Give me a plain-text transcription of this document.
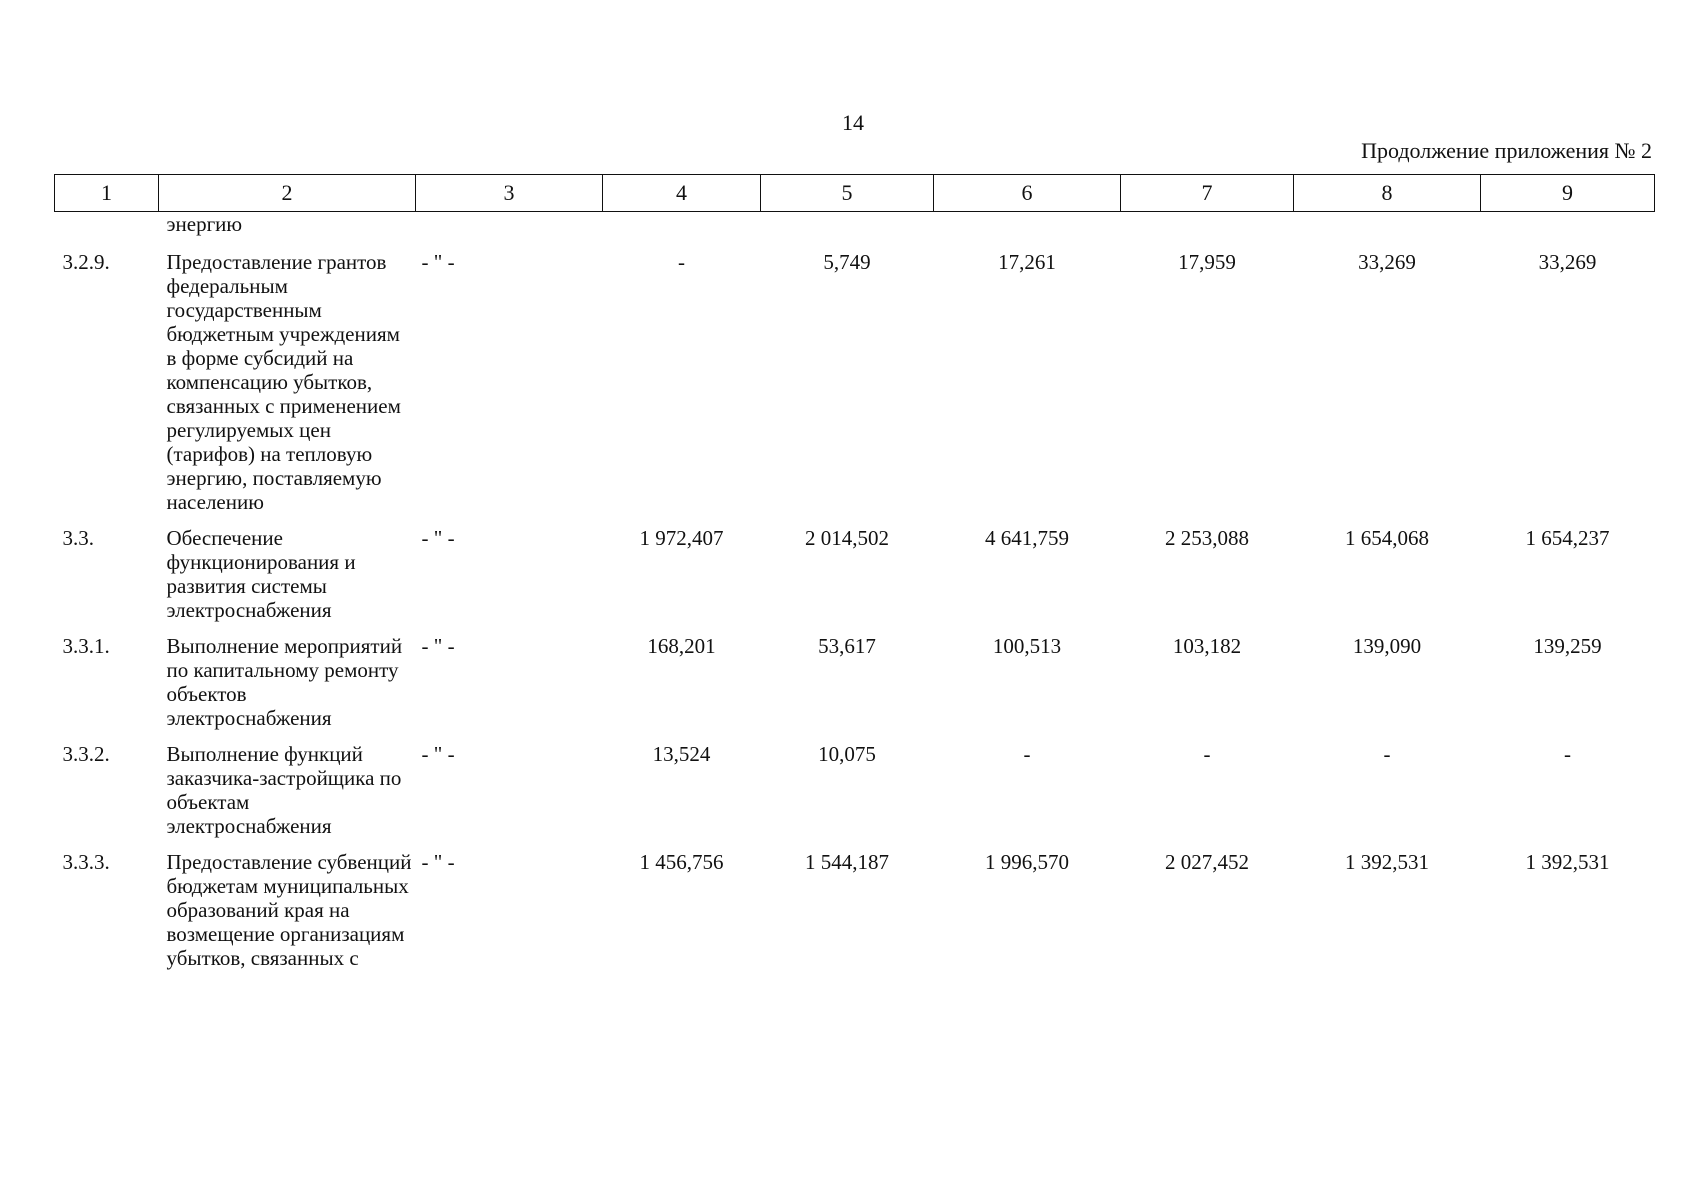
14
Продолжение приложения № 2
1	2	3	4	5	6	7	8	9
	энергию							
3.2.9.	Предоставление грантов федеральным государственным бюджетным учреждениям в форме субсидий на компенсацию убытков, связанных с применением регулируемых цен (тарифов) на тепловую энергию, поставляемую населению	- " -	-	5,749	17,261	17,959	33,269	33,269
3.3.	Обеспечение функционирования и развития системы электроснабжения	- " -	1 972,407	2 014,502	4 641,759	2 253,088	1 654,068	1 654,237
3.3.1.	Выполнение мероприятий по капитальному ремонту объектов электроснабжения	- " -	168,201	53,617	100,513	103,182	139,090	139,259
3.3.2.	Выполнение функций заказчика-застройщика по объектам электроснабжения	- " -	13,524	10,075	-	-	-	-
3.3.3.	Предоставление субвенций бюджетам муниципальных образований края на возмещение организациям убытков, связанных с	- " -	1 456,756	1 544,187	1 996,570	2 027,452	1 392,531	1 392,531
